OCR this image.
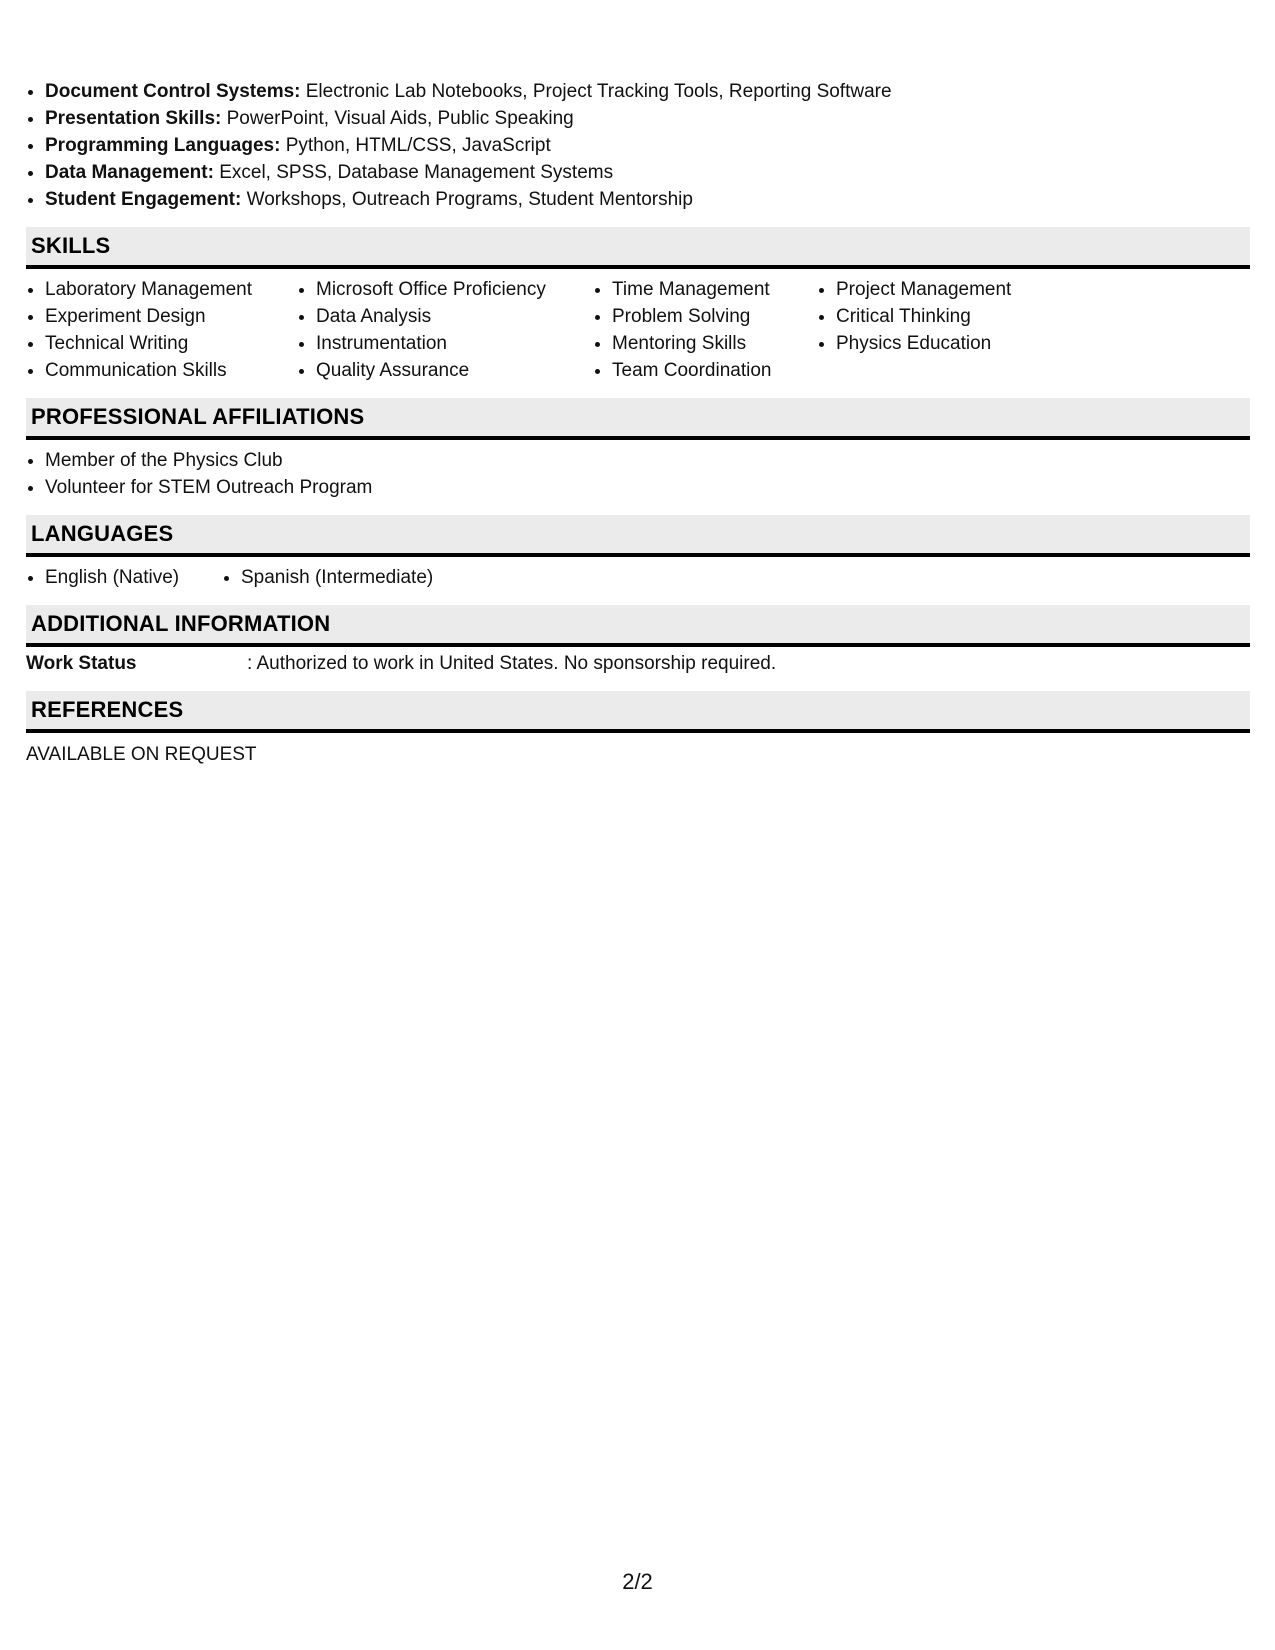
• Document Control Systems: Electronic Lab Notebooks, Project Tracking Tools, Reporting Software
• Presentation Skills: PowerPoint, Visual Aids, Public Speaking
• Programming Languages: Python, HTML/CSS, JavaScript
• Data Management: Excel, SPSS, Database Management Systems
• Student Engagement: Workshops, Outreach Programs, Student Mentorship
SKILLS
• Laboratory Management
• Experiment Design
• Technical Writing
• Communication Skills
• Microsoft Office Proficiency
• Data Analysis
• Instrumentation
• Quality Assurance
• Time Management
• Problem Solving
• Mentoring Skills
• Team Coordination
• Project Management
• Critical Thinking
• Physics Education
PROFESSIONAL AFFILIATIONS
• Member of the Physics Club
• Volunteer for STEM Outreach Program
LANGUAGES
• English (Native)
•	Spanish (Intermediate)
ADDITIONAL INFORMATION
Work Status	: Authorized to work in United States. No sponsorship required.
REFERENCES
AVAILABLE ON REQUEST
2/2
